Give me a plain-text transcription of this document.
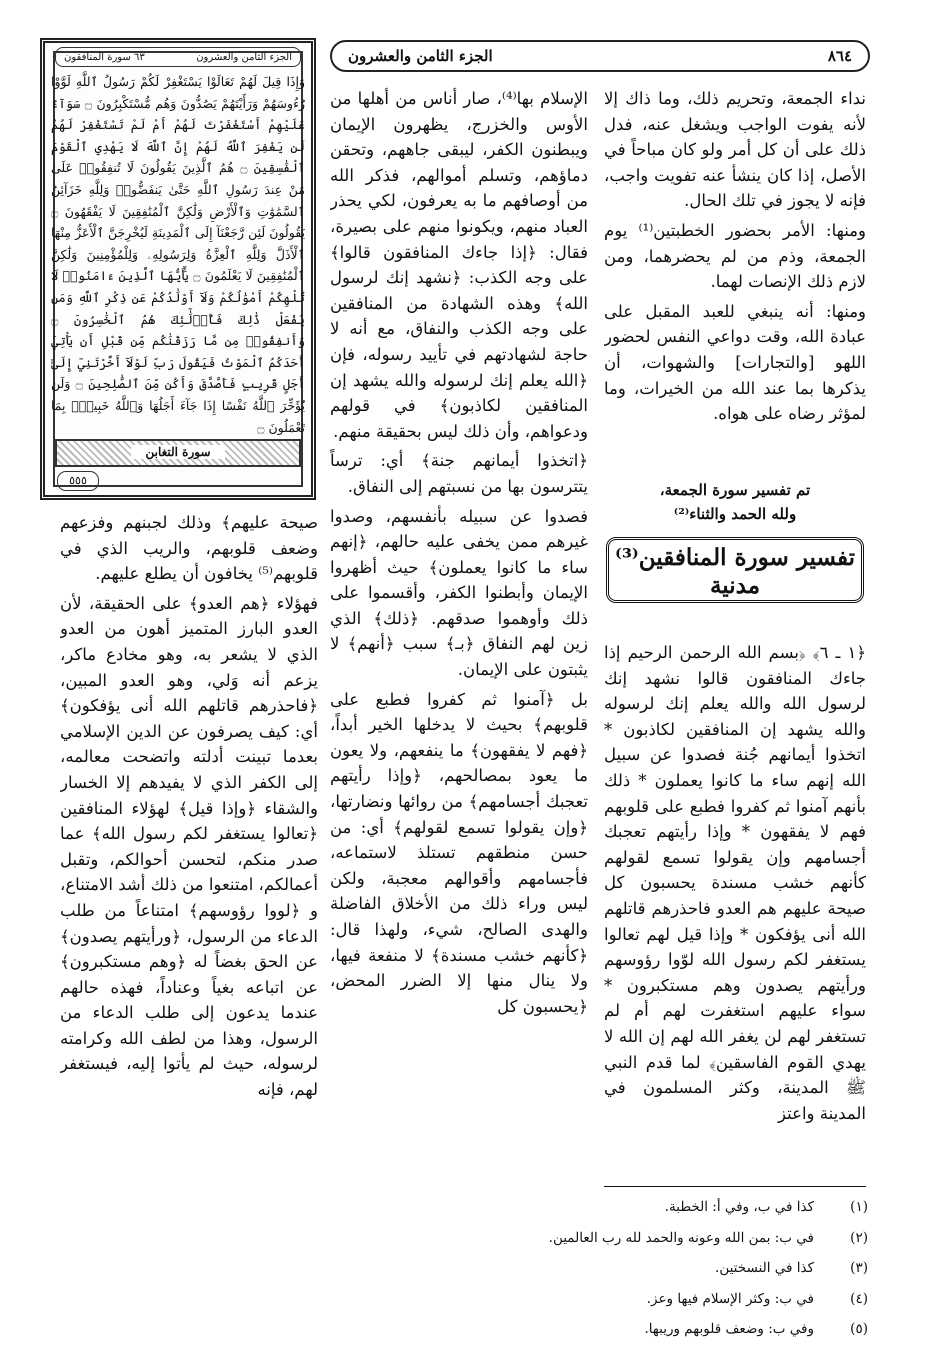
٨٦٤
الجزء الثامن والعشرون
الجزء الثامن والعشرون
٦٣ سورة المنافقون
وَإِذَا قِيلَ لَهُمْ تَعَالَوْا يَسْتَغْفِرْ لَكُمْ رَسُولُ ٱللَّهِ لَوَّوْا رُءُوسَهُمْ وَرَأَيْتَهُمْ يَصُدُّونَ وَهُم مُّسْتَكْبِرُونَ ۝ سَوَآءٌ عَلَيْهِمْ أَسْتَغْفَرْتَ لَهُمْ أَمْ لَمْ تَسْتَغْفِرْ لَهُمْ لَن يَغْفِرَ ٱللَّهُ لَهُمْ إِنَّ ٱللَّهَ لَا يَهْدِي ٱلْقَوْمَ ٱلْفَٰسِقِينَ ۝ هُمُ ٱلَّذِينَ يَقُولُونَ لَا تُنفِقُوا۟ عَلَىٰ مَنْ عِندَ رَسُولِ ٱللَّهِ حَتَّىٰ يَنفَضُّوا۟ وَلِلَّهِ خَزَآئِنُ ٱلسَّمَٰوَٰتِ وَٱلْأَرْضِ وَلَٰكِنَّ ٱلْمُنَٰفِقِينَ لَا يَفْقَهُونَ ۝ يَقُولُونَ لَئِن رَّجَعْنَآ إِلَى ٱلْمَدِينَةِ لَيُخْرِجَنَّ ٱلْأَعَزُّ مِنْهَا ٱلْأَذَلَّ وَلِلَّهِ ٱلْعِزَّةُ وَلِرَسُولِهِۦ وَلِلْمُؤْمِنِينَ وَلَٰكِنَّ ٱلْمُنَٰفِقِينَ لَا يَعْلَمُونَ ۝ يَٰٓأَيُّهَا ٱلَّذِينَ ءَامَنُوا۟ لَا تُلْهِكُمْ أَمْوَٰلُكُمْ وَلَآ أَوْلَٰدُكُمْ عَن ذِكْرِ ٱللَّهِ وَمَن يَفْعَلْ ذَٰلِكَ فَأُو۟لَٰٓئِكَ هُمُ ٱلْخَٰسِرُونَ ۝ وَأَنفِقُوا۟ مِن مَّا رَزَقْنَٰكُم مِّن قَبْلِ أَن يَأْتِيَ أَحَدَكُمُ ٱلْمَوْتُ فَيَقُولَ رَبِّ لَوْلَآ أَخَّرْتَنِيٓ إِلَىٰٓ أَجَلٍ قَرِيبٍ فَأَصَّدَّقَ وَأَكُن مِّنَ ٱلصَّٰلِحِينَ ۝ وَلَن يُؤَخِّرَ ٱللَّهُ نَفْسًا إِذَا جَآءَ أَجَلُهَا وَٱللَّهُ خَبِيرٌۢ بِمَا تَعْمَلُونَ ۝
سورة التغابن
٥٥٥

نداء الجمعة، وتحريم ذلك، وما ذاك إلا لأنه يفوت الواجب ويشغل عنه، فدل ذلك على أن كل أمر ولو كان مباحاً في الأصل، إذا كان ينشأ عنه تفويت واجب، فإنه لا يجوز في تلك الحال.

ومنها: الأمر بحضور الخطبتين⁽¹⁾ يوم الجمعة، وذم من لم يحضرهما، ومن لازم ذلك الإنصات لهما.

ومنها: أنه ينبغي للعبد المقبل على عبادة الله، وقت دواعي النفس لحضور اللهو [والتجارات] والشهوات، أن يذكرها بما عند الله من الخيرات، وما لمؤثر رضاه على هواه.

تم تفسير سورة الجمعة،
ولله الحمد والثناء⁽²⁾
تفسير سورة المنافقين⁽³⁾
مدنية

﴿١ ـ ٦﴾ ﴿بسم الله الرحمن الرحيم إذا جاءك المنافقون قالوا نشهد إنك لرسول الله والله يعلم إنك لرسوله والله يشهد إن المنافقين لكاذبون * اتخذوا أيمانهم جُنة فصدوا عن سبيل الله إنهم ساء ما كانوا يعملون * ذلك بأنهم آمنوا ثم كفروا فطبع على قلوبهم فهم لا يفقهون * وإذا رأيتهم تعجبك أجسامهم وإن يقولوا تسمع لقولهم كأنهم خشب مسندة يحسبون كل صيحة عليهم هم العدو فاحذرهم قاتلهم الله أنى يؤفكون * وإذا قيل لهم تعالوا يستغفر لكم رسول الله لوّوا رؤوسهم ورأيتهم يصدون وهم مستكبرون * سواء عليهم استغفرت لهم أم لم تستغفر لهم لن يغفر الله لهم إن الله لا يهدي القوم الفاسقين﴾ لما قدم النبي ﷺ المدينة، وكثر المسلمون في المدينة واعتز

الإسلام بها⁽⁴⁾، صار أناس من أهلها من الأوس والخزرج، يظهرون الإيمان ويبطنون الكفر، ليبقى جاههم، وتحقن دماؤهم، وتسلم أموالهم، فذكر الله من أوصافهم ما به يعرفون، لكي يحذر العباد منهم، ويكونوا منهم على بصيرة، فقال: ﴿إذا جاءك المنافقون قالوا﴾ على وجه الكذب: ﴿نشهد إنك لرسول الله﴾ وهذه الشهادة من المنافقين على وجه الكذب والنفاق، مع أنه لا حاجة لشهادتهم في تأييد رسوله، فإن ﴿الله يعلم إنك لرسوله والله يشهد إن المنافقين لكاذبون﴾ في قولهم ودعواهم، وأن ذلك ليس بحقيقة منهم.

﴿اتخذوا أيمانهم جنة﴾ أي: ترساً يتترسون بها من نسبتهم إلى النفاق.

فصدوا عن سبيله بأنفسهم، وصدوا غيرهم ممن يخفى عليه حالهم، ﴿إنهم ساء ما كانوا يعملون﴾ حيث أظهروا الإيمان وأبطنوا الكفر، وأقسموا على ذلك وأوهموا صدقهم. ﴿ذلك﴾ الذي زين لهم النفاق ﴿بـ﴾ سبب ﴿أنهم﴾ لا يثبتون على الإيمان.

بل ﴿آمنوا ثم كفروا فطبع على قلوبهم﴾ بحيث لا يدخلها الخير أبداً، ﴿فهم لا يفقهون﴾ ما ينفعهم، ولا يعون ما يعود بمصالحهم، ﴿وإذا رأيتهم تعجبك أجسامهم﴾ من روائها ونضارتها، ﴿وإن يقولوا تسمع لقولهم﴾ أي: من حسن منطقهم تستلذ لاستماعه، فأجسامهم وأقوالهم معجبة، ولكن ليس وراء ذلك من الأخلاق الفاضلة والهدى الصالح، شيء، ولهذا قال: ﴿كأنهم خشب مسندة﴾ لا منفعة فيها، ولا ينال منها إلا الضرر المحض، ﴿يحسبون كل

صيحة عليهم﴾ وذلك لجبنهم وفزعهم وضعف قلوبهم، والريب الذي في قلوبهم⁽⁵⁾ يخافون أن يطلع عليهم.

فهؤلاء ﴿هم العدو﴾ على الحقيقة، لأن العدو البارز المتميز أهون من العدو الذي لا يشعر به، وهو مخادع ماكر، يزعم أنه وَلي، وهو العدو المبين، ﴿فاحذرهم قاتلهم الله أنى يؤفكون﴾ أي: كيف يصرفون عن الدين الإسلامي بعدما تبينت أدلته واتضحت معالمه، إلى الكفر الذي لا يفيدهم إلا الخسار والشقاء ﴿وإذا قيل﴾ لهؤلاء المنافقين ﴿تعالوا يستغفر لكم رسول الله﴾ عما صدر منكم، لتحسن أحوالكم، وتقبل أعمالكم، امتنعوا من ذلك أشد الامتناع، و ﴿لووا رؤوسهم﴾ امتناعاً من طلب الدعاء من الرسول، ﴿ورأيتهم يصدون﴾ عن الحق بغضاً له ﴿وهم مستكبرون﴾ عن اتباعه بغياً وعناداً، فهذه حالهم عندما يدعون إلى طلب الدعاء من الرسول، وهذا من لطف الله وكرامته لرسوله، حيث لم يأتوا إليه، فيستغفر لهم، فإنه

(١)
كذا في ب، وفي أ: الخطبة.
(٢)
في ب: بمن الله وعونه والحمد لله رب العالمين.
(٣)
كذا في النسختين.
(٤)
في ب: وكثر الإسلام فيها وعز.
(٥)
وفي ب: وضعف قلوبهم وريبها.
